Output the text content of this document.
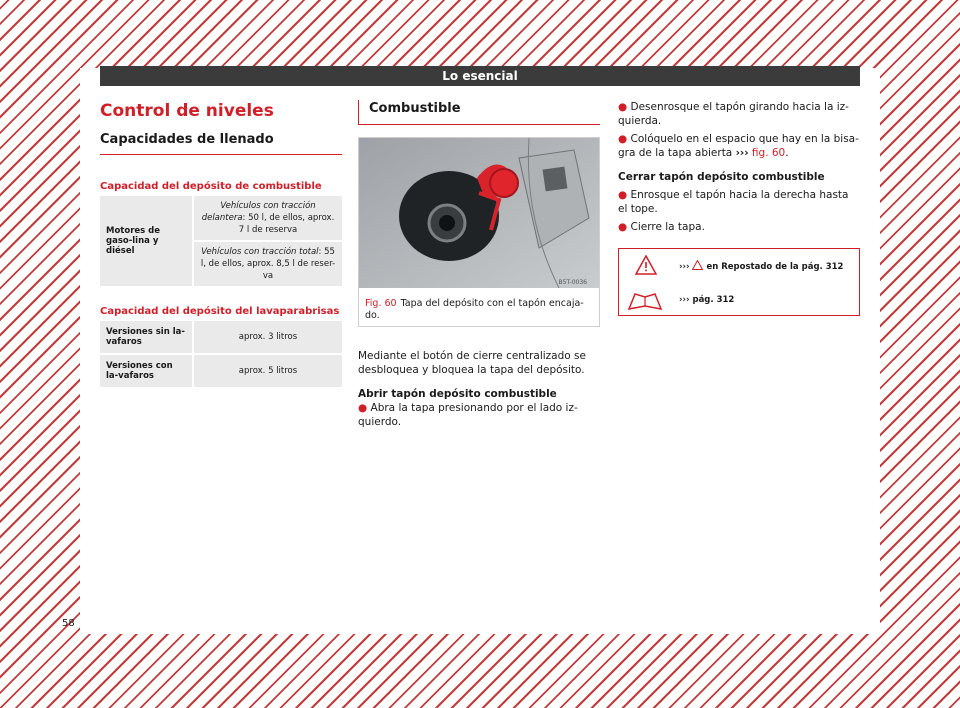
Lo esencial
Control de niveles
Capacidades de llenado
Capacidad del depósito de combustible
Motores de gaso-lina y diésel	Vehículos con tracción delantera: 50 l, de ellos, aprox. 7 l de reserva
Vehículos con tracción total: 55 l, de ellos, aprox. 8,5 l de reser-va
Capacidad del depósito del lavaparabrisas
Versiones sin la-vafaros	aprox. 3 litros
Versiones con la-vafaros	aprox. 5 litros
Combustible
B5T-0036
Fig. 60 Tapa del depósito con el tapón encaja-do.

Mediante el botón de cierre centralizado se desbloquea y bloquea la tapa del depósito.

Abrir tapón depósito combustible

● Abra la tapa presionando por el lado iz-quierdo.

● Desenrosque el tapón girando hacia la iz-quierda.

● Colóquelo en el espacio que hay en la bisa-gra de la tapa abierta ››› fig. 60.

Cerrar tapón depósito combustible

● Enrosque el tapón hacia la derecha hasta el tope.

● Cierre la tapa.

››› en Repostado de la pág. 312
››› pág. 312
58
